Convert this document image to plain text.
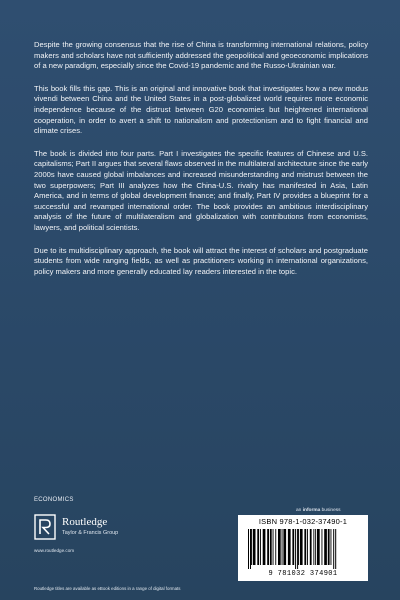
Despite the growing consensus that the rise of China is transforming international relations, policy makers and scholars have not sufficiently addressed the geopolitical and geoeconomic implications of a new paradigm, especially since the Covid-19 pandemic and the Russo-Ukrainian war.

This book fills this gap. This is an original and innovative book that investigates how a new modus vivendi between China and the United States in a post-globalized world requires more economic independence because of the distrust between G20 economies but heightened international cooperation, in order to avert a shift to nationalism and protectionism and to fight financial and climate crises.

The book is divided into four parts. Part I investigates the specific features of Chinese and U.S. capitalisms; Part II argues that several flaws observed in the multilateral architecture since the early 2000s have caused global imbalances and increased misunderstanding and mistrust between the two superpowers; Part III analyzes how the China-U.S. rivalry has manifested in Asia, Latin America, and in terms of global development finance; and finally, Part IV provides a blueprint for a successful and revamped international order. The book provides an ambitious interdisciplinary analysis of the future of multilateralism and globalization with contributions from economists, lawyers, and political scientists.

Due to its multidisciplinary approach, the book will attract the interest of scholars and postgraduate students from wide ranging fields, as well as practitioners working in international organizations, policy makers and more generally educated lay readers interested in the topic.

ECONOMICS
Routledge
Taylor & Francis Group
www.routledge.com
an informa business
ISBN 978-1-032-37490-1
9 781032 374901
Routledge titles are available as eBook editions in a range of digital formats
